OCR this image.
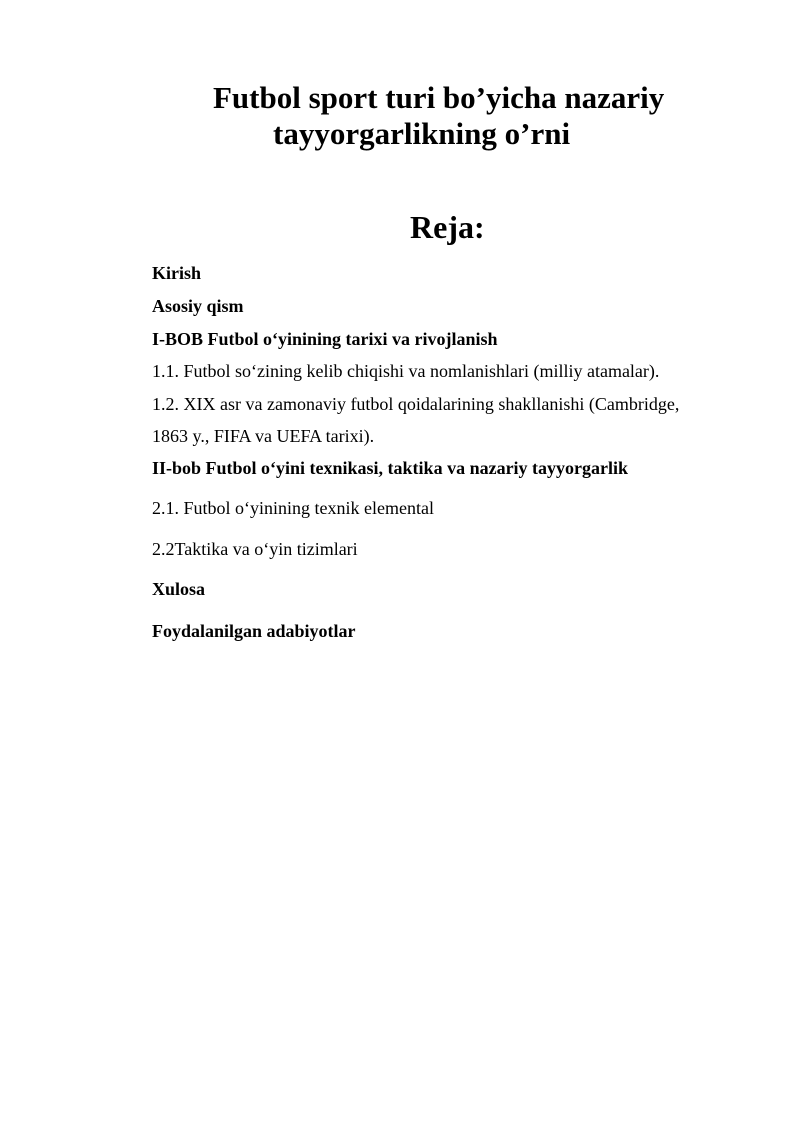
Futbol sport turi bo’yicha nazariy
tayyorgarlikning o’rni
Reja:

Kirish

Asosiy qism

I-BOB Futbol o‘yinining tarixi va rivojlanish

1.1. Futbol so‘zining kelib chiqishi va nomlanishlari (milliy atamalar).

1.2. XIX asr va zamonaviy futbol qoidalarining shakllanishi (Cambridge,

1863 y., FIFA va UEFA tarixi).

II-bob Futbol o‘yini texnikasi, taktika va nazariy tayyorgarlik

2.1. Futbol o‘yinining texnik elemental

2.2Taktika va o‘yin tizimlari

Xulosa

Foydalanilgan adabiyotlar
